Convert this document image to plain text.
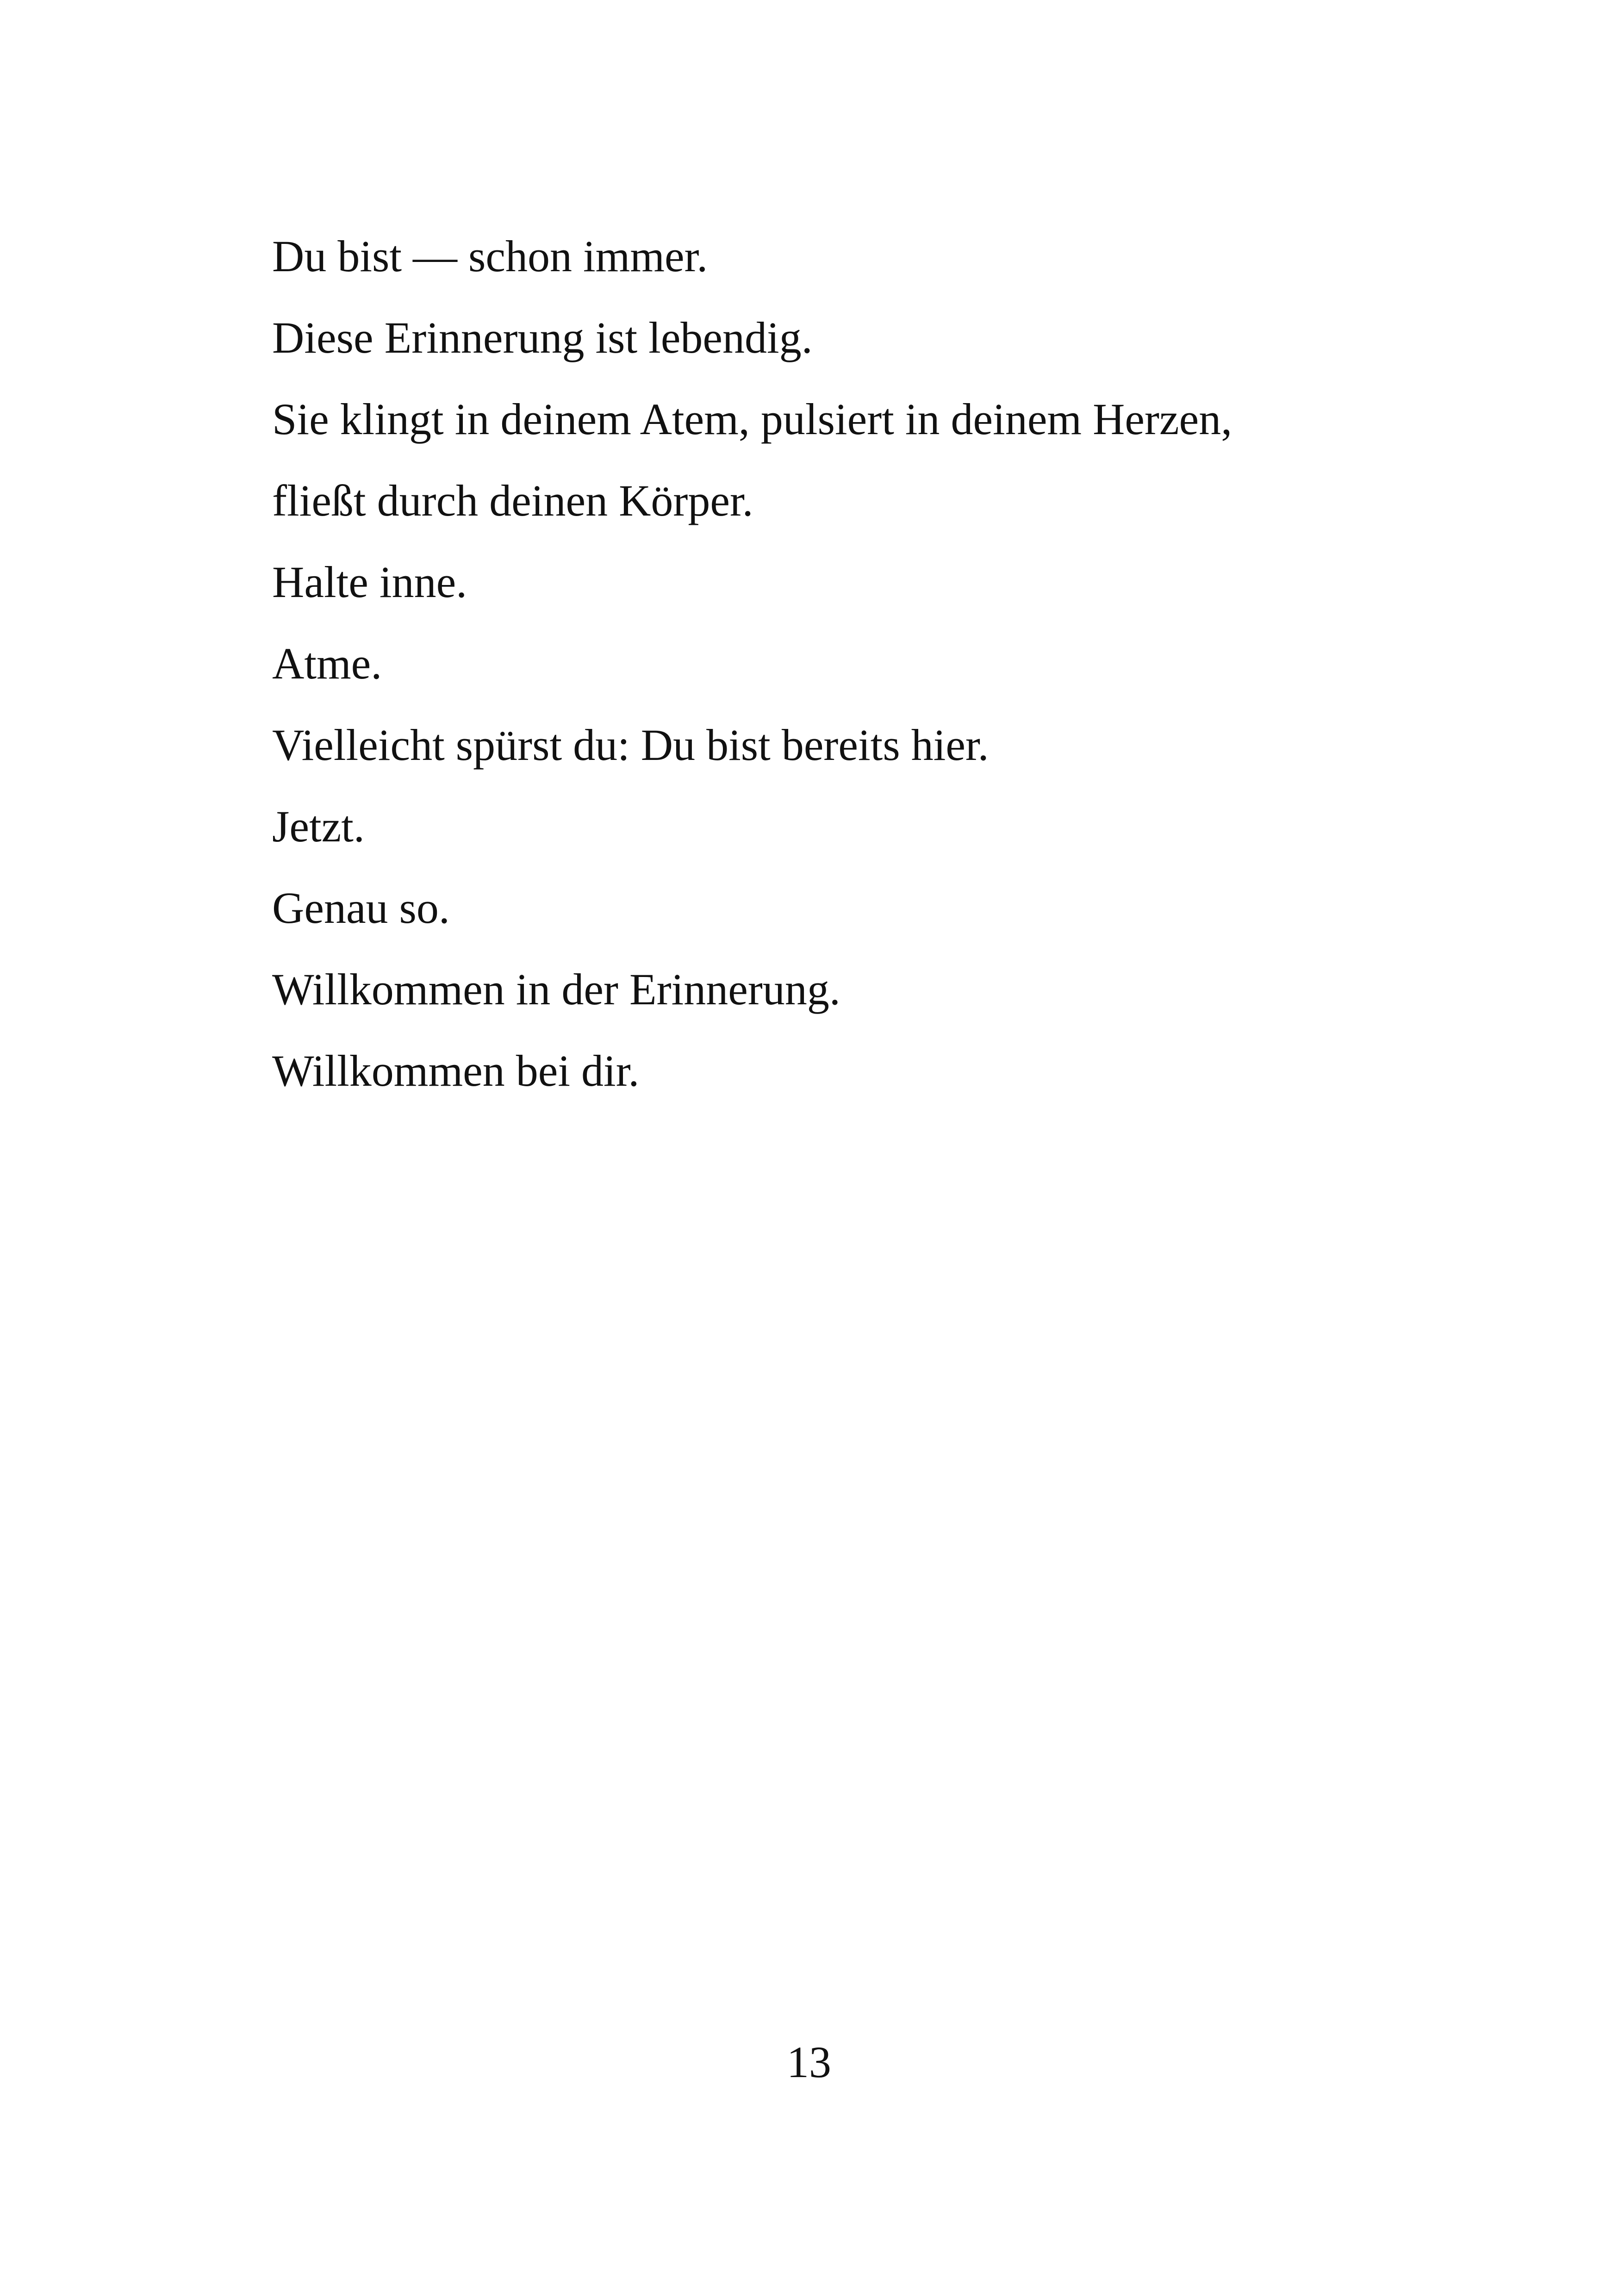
Du bist — schon immer.

Diese Erinnerung ist lebendig.

Sie klingt in deinem Atem, pulsiert in deinem Herzen,

fließt durch deinen Körper.

Halte inne.

Atme.

Vielleicht spürst du: Du bist bereits hier.

Jetzt.

Genau so.

Willkommen in der Erinnerung.

Willkommen bei dir.

13
